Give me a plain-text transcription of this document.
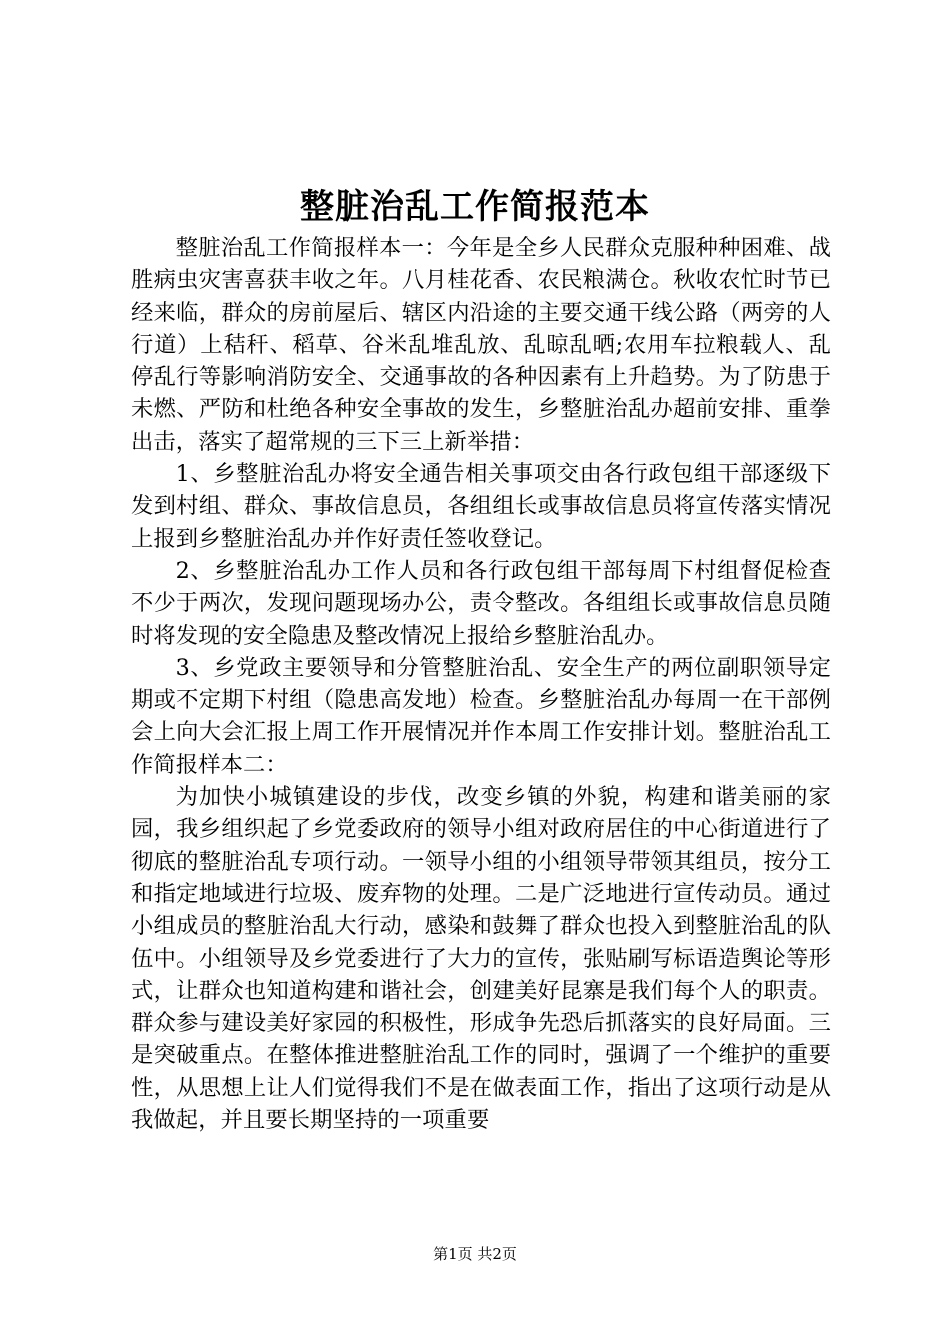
整脏治乱工作简报范本

整脏治乱工作简报样本一：今年是全乡人民群众克服种种困难、战胜病虫灾害喜获丰收之年。八月桂花香、农民粮满仓。秋收农忙时节已经来临，群众的房前屋后、辖区内沿途的主要交通干线公路（两旁的人行道）上秸秆、稻草、谷米乱堆乱放、乱晾乱晒;农用车拉粮载人、乱停乱行等影响消防安全、交通事故的各种因素有上升趋势。为了防患于未燃、严防和杜绝各种安全事故的发生，乡整脏治乱办超前安排、重拳出击，落实了超常规的三下三上新举措：

1、乡整脏治乱办将安全通告相关事项交由各行政包组干部逐级下发到村组、群众、事故信息员，各组组长或事故信息员将宣传落实情况上报到乡整脏治乱办并作好责任签收登记。

2、乡整脏治乱办工作人员和各行政包组干部每周下村组督促检查不少于两次，发现问题现场办公，责令整改。各组组长或事故信息员随时将发现的安全隐患及整改情况上报给乡整脏治乱办。

3、乡党政主要领导和分管整脏治乱、安全生产的两位副职领导定期或不定期下村组（隐患高发地）检查。乡整脏治乱办每周一在干部例会上向大会汇报上周工作开展情况并作本周工作安排计划。整脏治乱工作简报样本二：

为加快小城镇建设的步伐，改变乡镇的外貌，构建和谐美丽的家园，我乡组织起了乡党委政府的领导小组对政府居住的中心街道进行了彻底的整脏治乱专项行动。一领导小组的小组领导带领其组员，按分工和指定地域进行垃圾、废弃物的处理。二是广泛地进行宣传动员。通过小组成员的整脏治乱大行动，感染和鼓舞了群众也投入到整脏治乱的队伍中。小组领导及乡党委进行了大力的宣传，张贴刷写标语造舆论等形式，让群众也知道构建和谐社会，创建美好昆寨是我们每个人的职责。群众参与建设美好家园的积极性，形成争先恐后抓落实的良好局面。三是突破重点。在整体推进整脏治乱工作的同时，强调了一个维护的重要性，从思想上让人们觉得我们不是在做表面工作，指出了这项行动是从我做起，并且要长期坚持的一项重要

第1页 共2页
